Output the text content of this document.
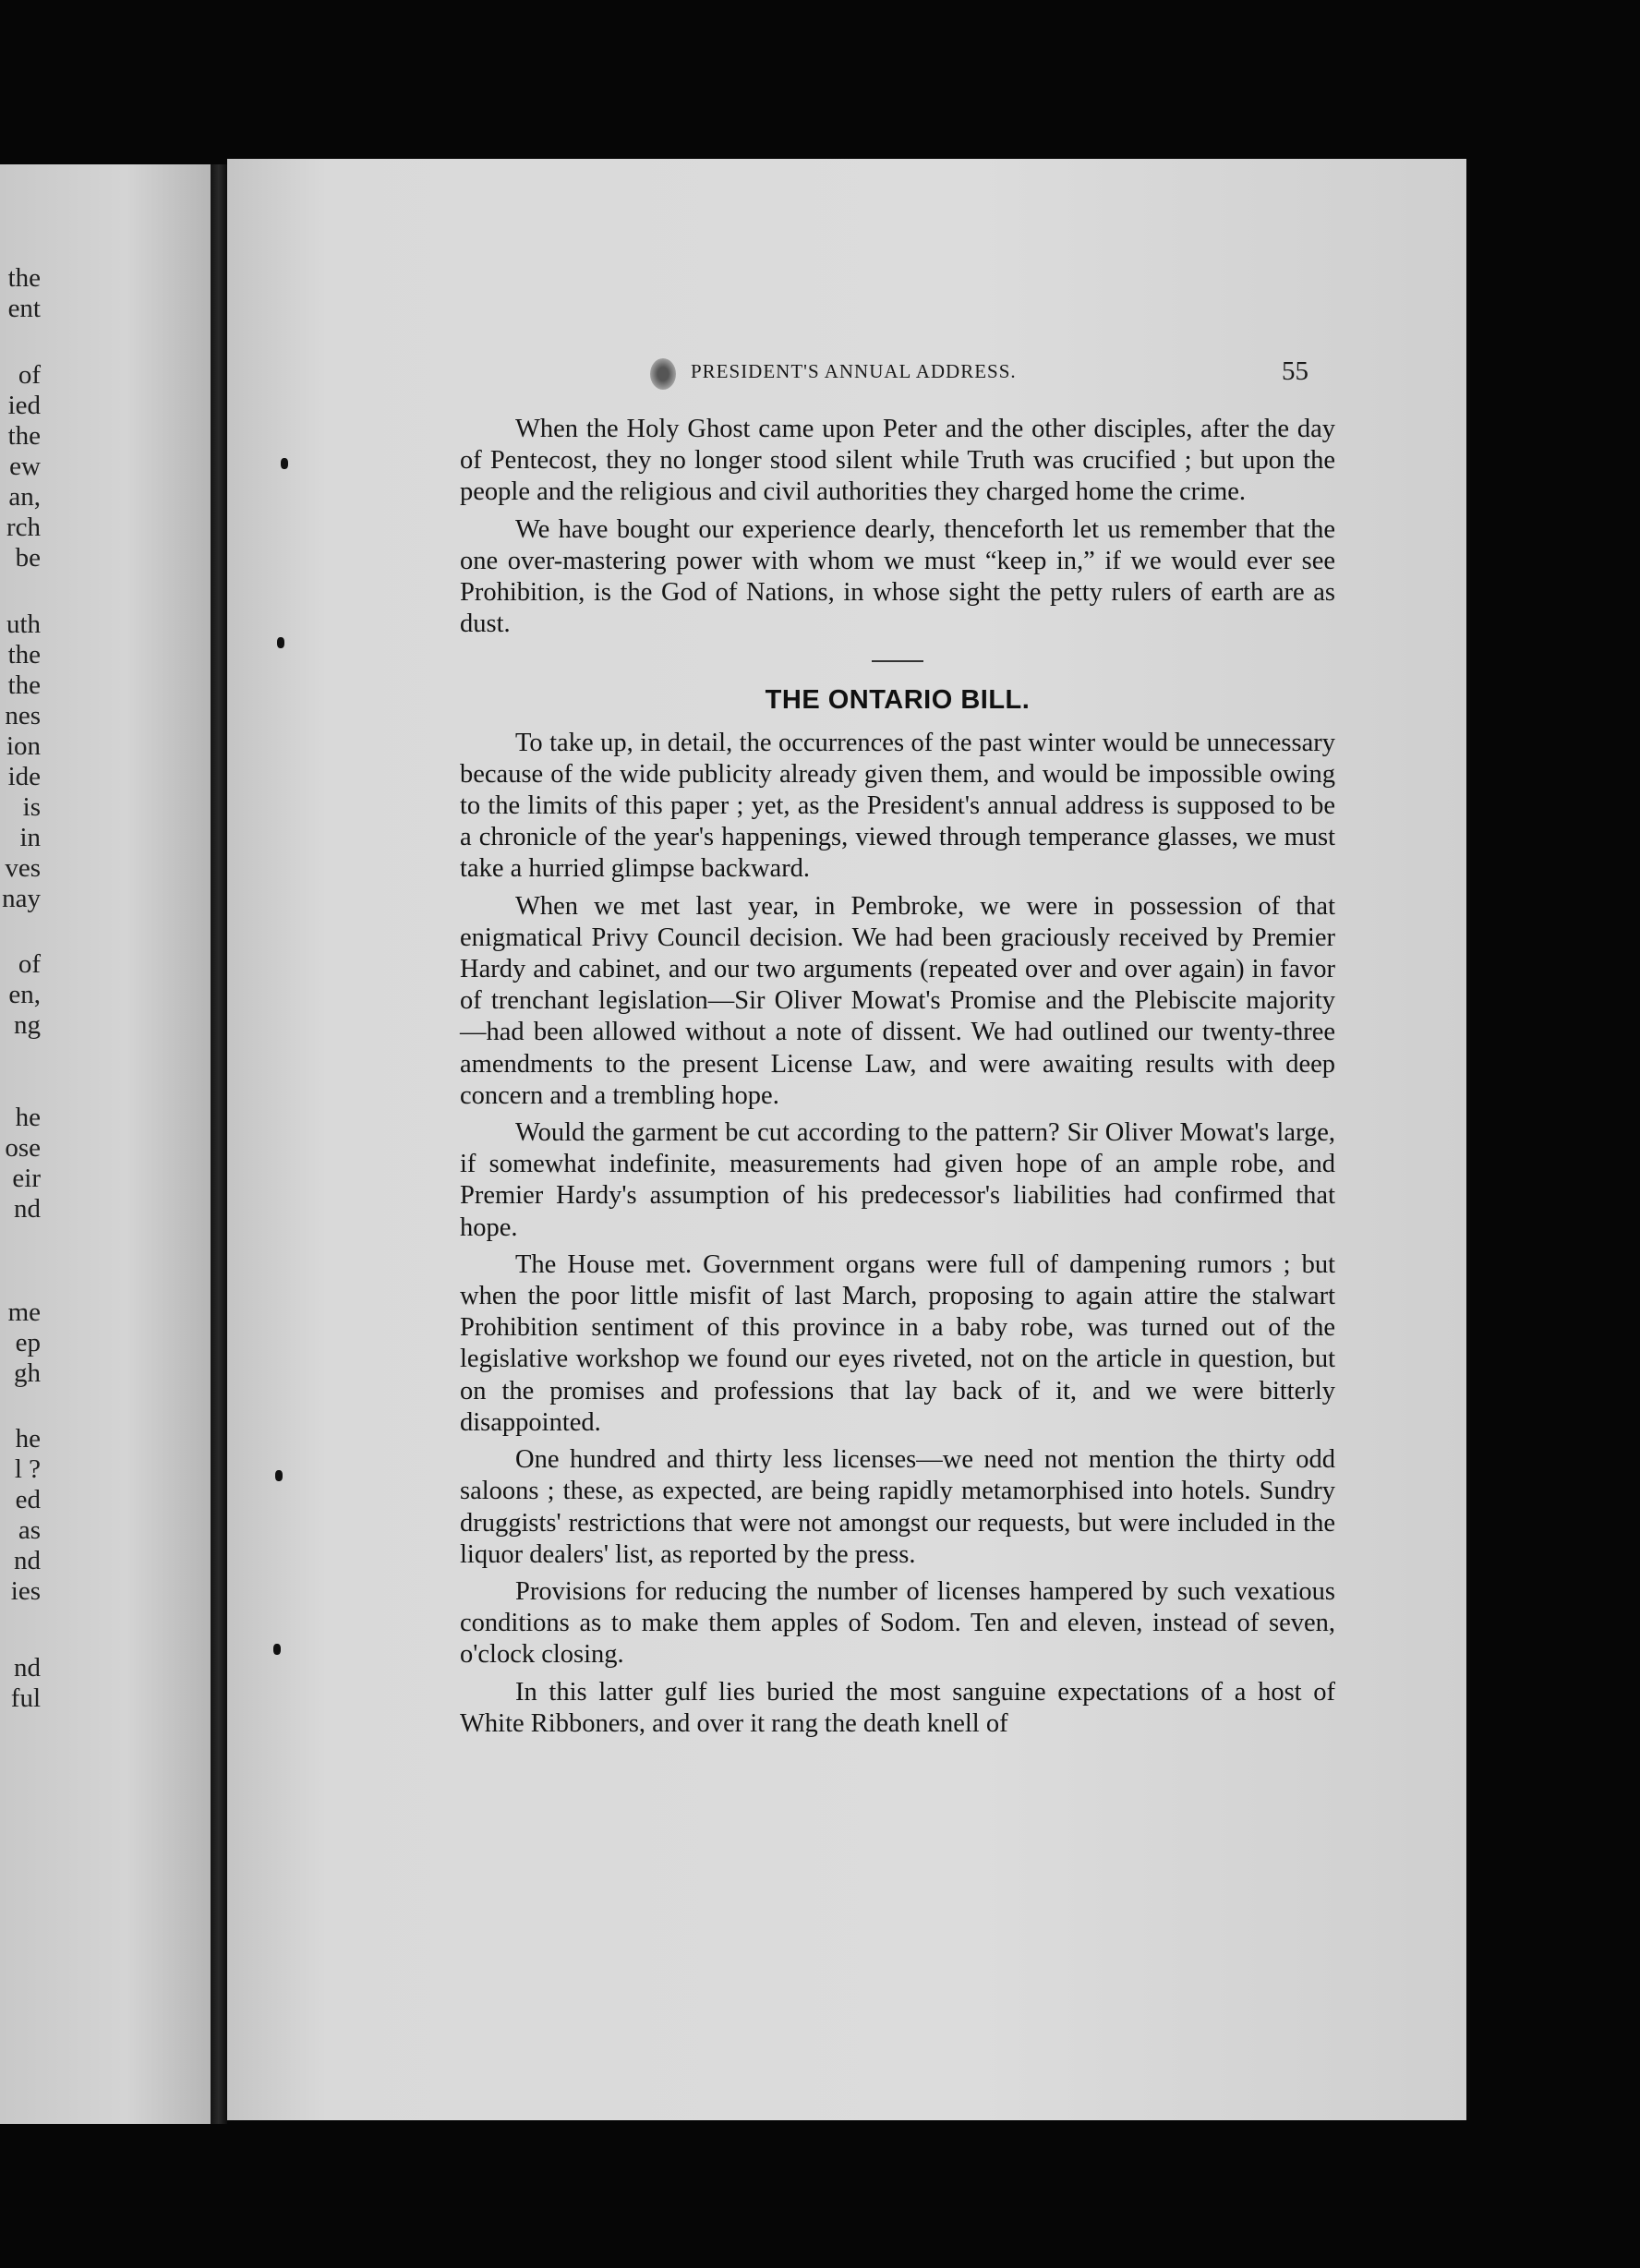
the
ent
of
ied
the
ew
an,
rch
be
uth
the
the
nes
ion
ide
is
in
ves
nay
of
en,
ng
he
ose
eir
nd
me
ep
gh
he
l ?
ed
as
nd
ies
nd
ful
PRESIDENT'S ANNUAL ADDRESS.	55

When the Holy Ghost came upon Peter and the other disciples, after the day of Pentecost, they no longer stood silent while Truth was crucified ; but upon the people and the religious and civil authorities they charged home the crime.

We have bought our experience dearly, thenceforth let us remember that the one over-mastering power with whom we must “keep in,” if we would ever see Prohibition, is the God of Nations, in whose sight the petty rulers of earth are as dust.

THE ONTARIO BILL.

To take up, in detail, the occurrences of the past winter would be unnecessary because of the wide publicity already given them, and would be impossible owing to the limits of this paper ; yet, as the President's annual address is supposed to be a chronicle of the year's happenings, viewed through temperance glasses, we must take a hurried glimpse backward.

When we met last year, in Pembroke, we were in possession of that enigmatical Privy Council decision. We had been graciously received by Premier Hardy and cabinet, and our two arguments (repeated over and over again) in favor of trenchant legislation—Sir Oliver Mowat's Promise and the Plebiscite majority—had been allowed without a note of dissent. We had outlined our twenty-three amendments to the present License Law, and were awaiting results with deep concern and a trembling hope.

Would the garment be cut according to the pattern? Sir Oliver Mowat's large, if somewhat indefinite, measurements had given hope of an ample robe, and Premier Hardy's assumption of his predecessor's liabilities had confirmed that hope.

The House met. Government organs were full of dampening rumors ; but when the poor little misfit of last March, proposing to again attire the stalwart Prohibition sentiment of this province in a baby robe, was turned out of the legislative workshop we found our eyes riveted, not on the article in question, but on the promises and professions that lay back of it, and we were bitterly disappointed.

One hundred and thirty less licenses—we need not mention the thirty odd saloons ; these, as expected, are being rapidly metamorphised into hotels. Sundry druggists' restrictions that were not amongst our requests, but were included in the liquor dealers' list, as reported by the press.

Provisions for reducing the number of licenses hampered by such vexatious conditions as to make them apples of Sodom. Ten and eleven, instead of seven, o'clock closing.

In this latter gulf lies buried the most sanguine expectations of a host of White Ribboners, and over it rang the death knell of
